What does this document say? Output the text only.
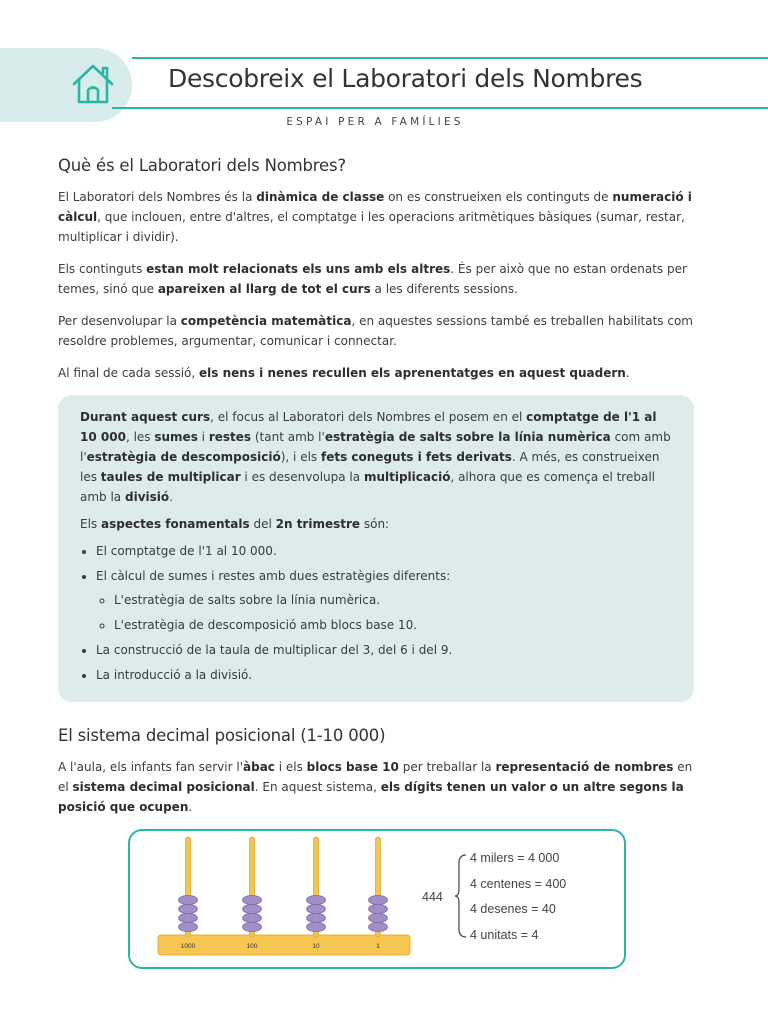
Descobreix el Laboratori dels Nombres
ESPAI PER A FAMÍLIES
Què és el Laboratori dels Nombres?

El Laboratori dels Nombres és la dinàmica de classe on es construeixen els continguts de numeració i càlcul, que inclouen, entre d'altres, el comptatge i les operacions aritmètiques bàsiques (sumar, restar, multiplicar i dividir).

Els continguts estan molt relacionats els uns amb els altres. És per això que no estan ordenats per temes, sinó que apareixen al llarg de tot el curs a les diferents sessions.

Per desenvolupar la competència matemàtica, en aquestes sessions també es treballen habilitats com resoldre problemes, argumentar, comunicar i connectar.

Al final de cada sessió, els nens i nenes recullen els aprenentatges en aquest quadern.

Durant aquest curs, el focus al Laboratori dels Nombres el posem en el comptatge de l'1 al 10 000, les sumes i restes (tant amb l'estratègia de salts sobre la línia numèrica com amb l'estratègia de descomposició), i els fets coneguts i fets derivats. A més, es construeixen les taules de multiplicar i es desenvolupa la multiplicació, alhora que es comença el treball amb la divisió.

Els aspectes fonamentals del 2n trimestre són:

• El comptatge de l'1 al 10 000.
• El càlcul de sumes i restes amb dues estratègies diferents:
◦ L'estratègia de salts sobre la línia numèrica.
◦ L'estratègia de descomposició amb blocs base 10.
• La construcció de la taula de multiplicar del 3, del 6 i del 9.
• La introducció a la divisió.
El sistema decimal posicional (1-10 000)

A l'aula, els infants fan servir l'àbac i els blocs base 10 per treballar la representació de nombres en el sistema decimal posicional. En aquest sistema, els dígits tenen un valor o un altre segons la posició que ocupen.

1000	100	10	1
444
4 milers = 4 000
4 centenes = 400
4 desenes = 40
4 unitats = 4
